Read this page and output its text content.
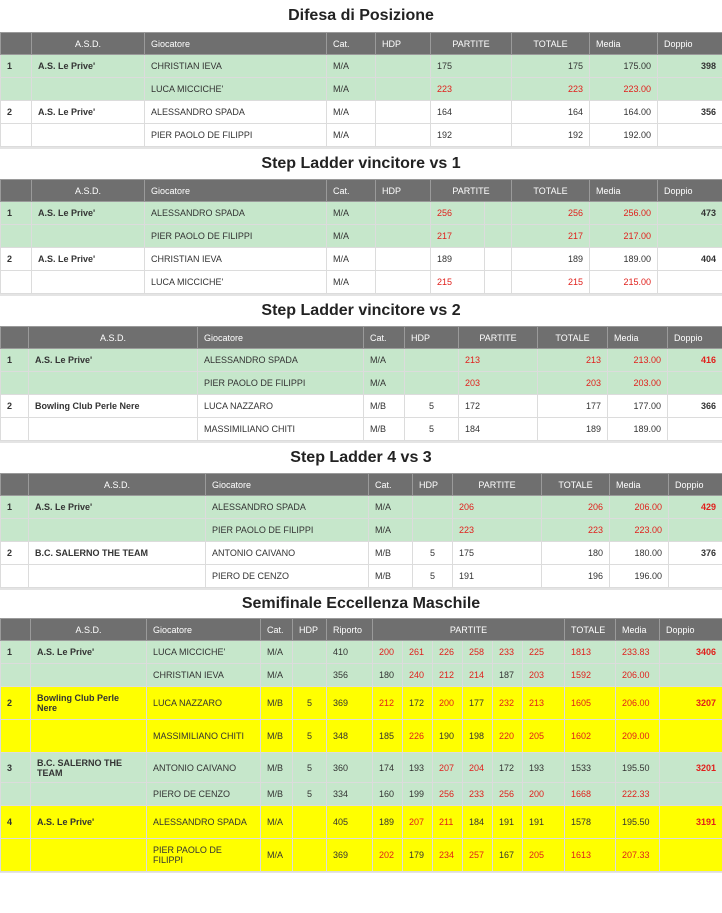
Difesa di Posizione
	A.S.D.	Giocatore	Cat.	HDP	PARTITE	TOTALE	Media	Doppio
1	A.S. Le Prive'	CHRISTIAN IEVA	M/A		175	175	175.00	398
		LUCA MICCICHE'	M/A		223	223	223.00	
2	A.S. Le Prive'	ALESSANDRO SPADA	M/A		164	164	164.00	356
		PIER PAOLO DE FILIPPI	M/A		192	192	192.00	
Step Ladder vincitore vs 1
	A.S.D.	Giocatore	Cat.	HDP	PARTITE		TOTALE	Media	Doppio
1	A.S. Le Prive'	ALESSANDRO SPADA	M/A		256		256	256.00	473
		PIER PAOLO DE FILIPPI	M/A		217		217	217.00	
2	A.S. Le Prive'	CHRISTIAN IEVA	M/A		189		189	189.00	404
		LUCA MICCICHE'	M/A		215		215	215.00	
Step Ladder vincitore vs 2
	A.S.D.	Giocatore	Cat.	HDP	PARTITE	TOTALE	Media	Doppio
1	A.S. Le Prive'	ALESSANDRO SPADA	M/A		213	213	213.00	416
		PIER PAOLO DE FILIPPI	M/A		203	203	203.00	
2	Bowling Club Perle Nere	LUCA NAZZARO	M/B	5	172	177	177.00	366
		MASSIMILIANO CHITI	M/B	5	184	189	189.00	
Step Ladder 4 vs 3
	A.S.D.	Giocatore	Cat.	HDP	PARTITE	TOTALE	Media	Doppio
1	A.S. Le Prive'	ALESSANDRO SPADA	M/A		206	206	206.00	429
		PIER PAOLO DE FILIPPI	M/A		223	223	223.00	
2	B.C. SALERNO THE TEAM	ANTONIO CAIVANO	M/B	5	175	180	180.00	376
		PIERO DE CENZO	M/B	5	191	196	196.00	
Semifinale Eccellenza Maschile
	A.S.D.	Giocatore	Cat.	HDP	Riporto	PARTITE						TOTALE	Media	Doppio
1	A.S. Le Prive'	LUCA MICCICHE'	M/A		410	200	261	226	258	233	225	1813	233.83	3406
		CHRISTIAN IEVA	M/A		356	180	240	212	214	187	203	1592	206.00	
2	Bowling Club Perle Nere	LUCA NAZZARO	M/B	5	369	212	172	200	177	232	213	1605	206.00	3207
		MASSIMILIANO CHITI	M/B	5	348	185	226	190	198	220	205	1602	209.00	
3	B.C. SALERNO THE TEAM	ANTONIO CAIVANO	M/B	5	360	174	193	207	204	172	193	1533	195.50	3201
		PIERO DE CENZO	M/B	5	334	160	199	256	233	256	200	1668	222.33	
4	A.S. Le Prive'	ALESSANDRO SPADA	M/A		405	189	207	211	184	191	191	1578	195.50	3191
		PIER PAOLO DE FILIPPI	M/A		369	202	179	234	257	167	205	1613	207.33	
